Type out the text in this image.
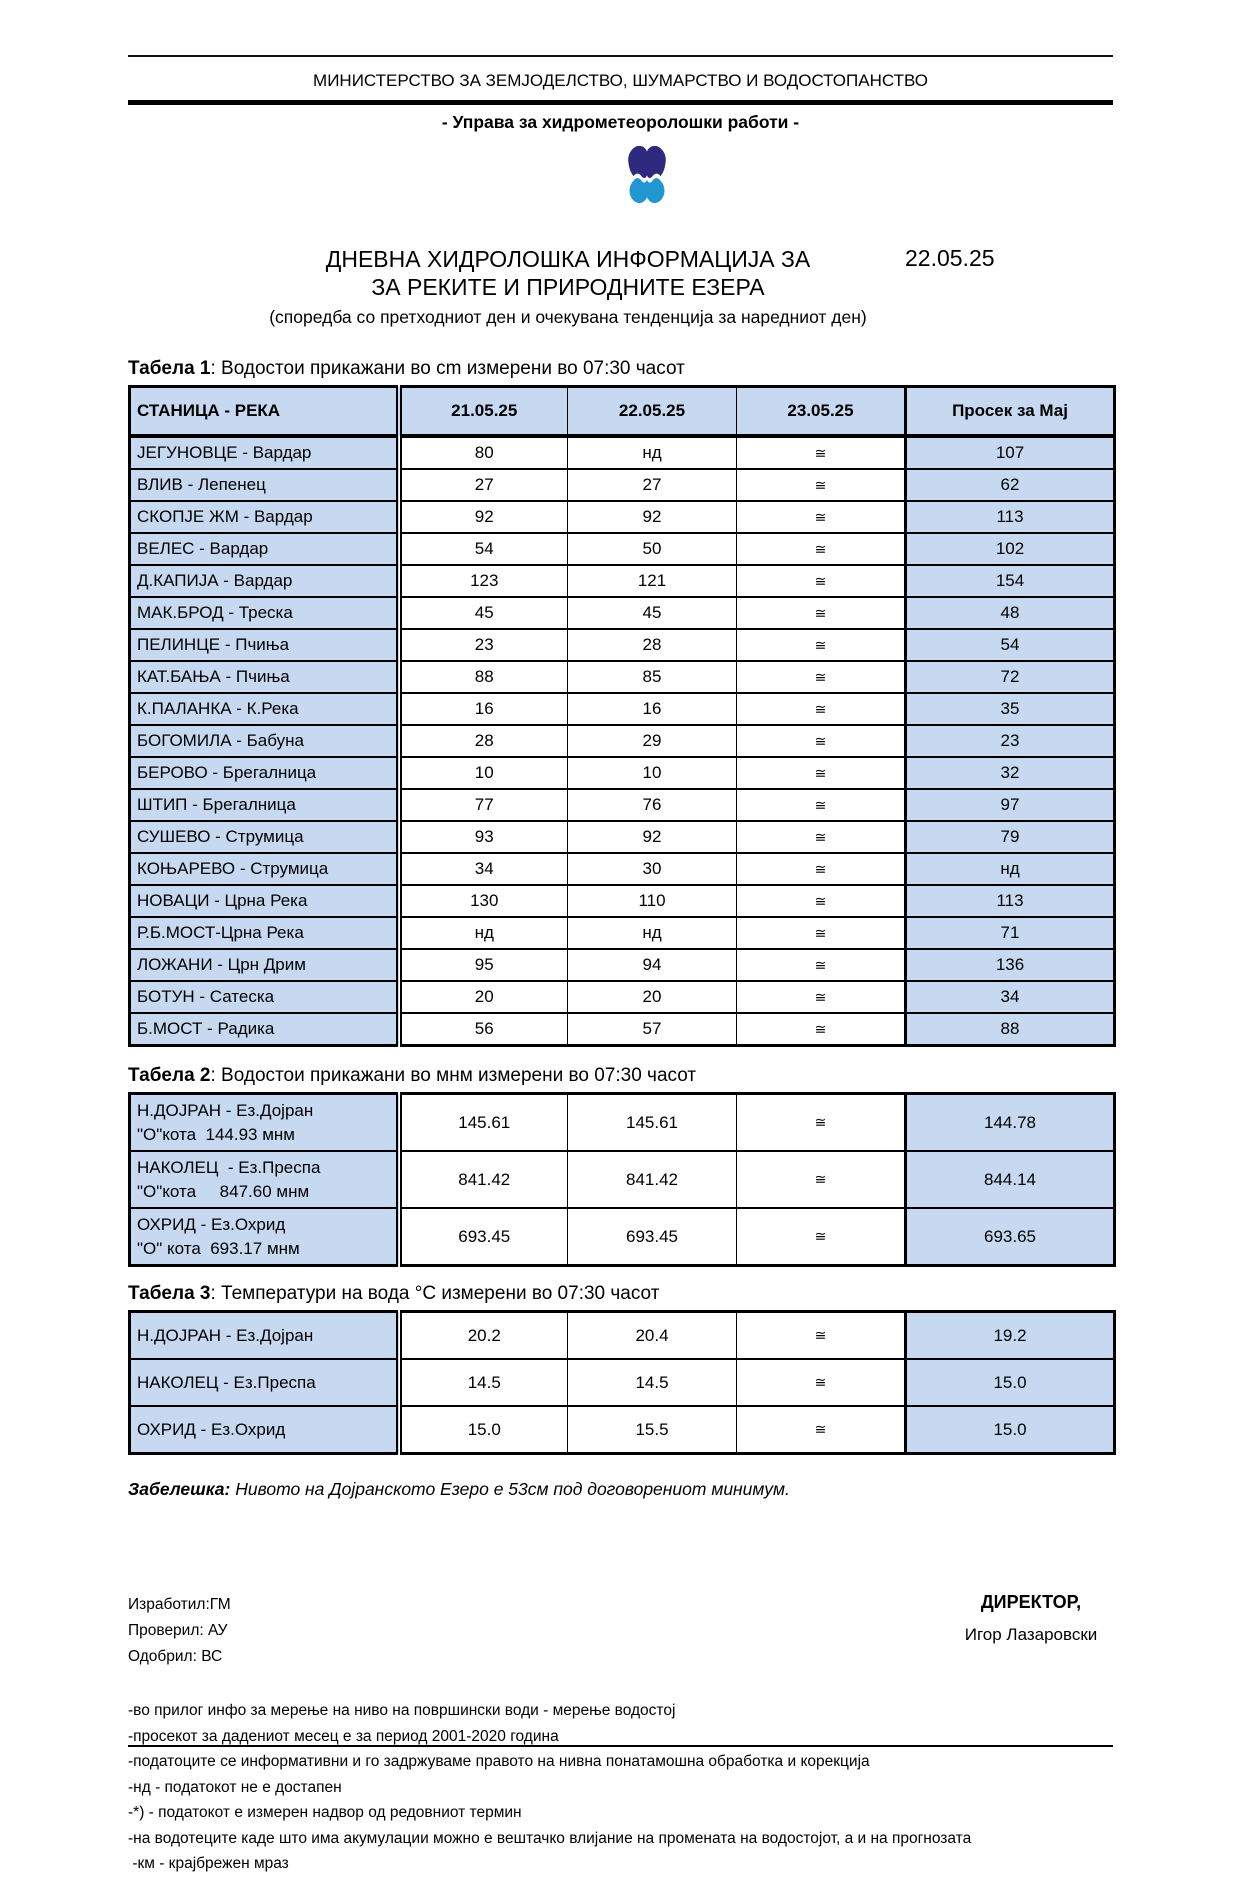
МИНИСТЕРСТВО ЗА ЗЕМЈОДЕЛСТВО, ШУМАРСТВО И ВОДОСТОПАНСТВО
- Управа за хидрометеоролошки работи -
ДНЕВНА ХИДРОЛОШКА ИНФОРМАЦИЈА ЗА	22.05.25
ЗА РЕКИТЕ И ПРИРОДНИТЕ ЕЗЕРА
(споредба со претходниот ден и очекувана тенденција за наредниот ден)
Табела 1: Водостои прикажани во cm измерени во 07:30 часот
СТАНИЦА - РЕКА	21.05.25	22.05.25	23.05.25	Просек за Мај

ЈЕГУНОВЦЕ - Вардар	80	нд	≅	107

ВЛИВ - Лепенец	27	27	≅	62

СКОПЈЕ ЖМ - Вардар	92	92	≅	113

ВЕЛЕС - Вардар	54	50	≅	102

Д.КАПИЈА - Вардар	123	121	≅	154

МАК.БРОД - Треска	45	45	≅	48

ПЕЛИНЦЕ - Пчиња	23	28	≅	54

КАТ.БАЊА - Пчиња	88	85	≅	72

К.ПАЛАНКА - К.Река	16	16	≅	35

БОГОМИЛА - Бабуна	28	29	≅	23

БЕРОВО - Брегалница	10	10	≅	32

ШТИП - Брегалница	77	76	≅	97

СУШЕВО - Струмица	93	92	≅	79

КОЊАРЕВО - Струмица	34	30	≅	нд

НОВАЦИ - Црна Река	130	110	≅	113

Р.Б.МОСТ-Црна Река	нд	нд	≅	71

ЛОЖАНИ - Црн Дрим	95	94	≅	136

БОТУН - Сатеска	20	20	≅	34

Б.МОСТ - Радика	56	57	≅	88
Табела 2: Водостои прикажани во мнм измерени во 07:30 часот
Н.ДОЈРАН - Ез.Дојран
"О"кота  144.93 мнм	145.61	145.61	≅	144.78

НАКОЛЕЦ  - Ез.Преспа
"О"кота     847.60 мнм	841.42	841.42	≅	844.14

ОХРИД - Ез.Охрид
"О" кота  693.17 мнм	693.45	693.45	≅	693.65
Табела 3: Температури на вода °C измерени во 07:30 часот
Н.ДОЈРАН - Ез.Дојран	20.2	20.4	≅	19.2

НАКОЛЕЦ - Ез.Преспа	14.5	14.5	≅	15.0

ОХРИД - Ез.Охрид	15.0	15.5	≅	15.0
Забелешка: Нивото на Дојранското Езеро е 53см под договорениот минимум.
Изработил:ГМ
Проверил: АУ
Одобрил: ВС
ДИРЕКТОР,
Игор Лазаровски
-во прилог инфо за мерење на ниво на површински води - мерење водостој
-просекот за дадениот месец е за период 2001-2020 година
-податоците се информативни и го задржуваме правото на нивна понатамошна обработка и корекција
-нд - податокот не е достапен
-*) - податокот е измерен надвор од редовниот термин
-на водотеците каде што има акумулации можно е вештачко влијание на промената на водостојот, а и на прогнозата
-км - крајбрежен мраз
